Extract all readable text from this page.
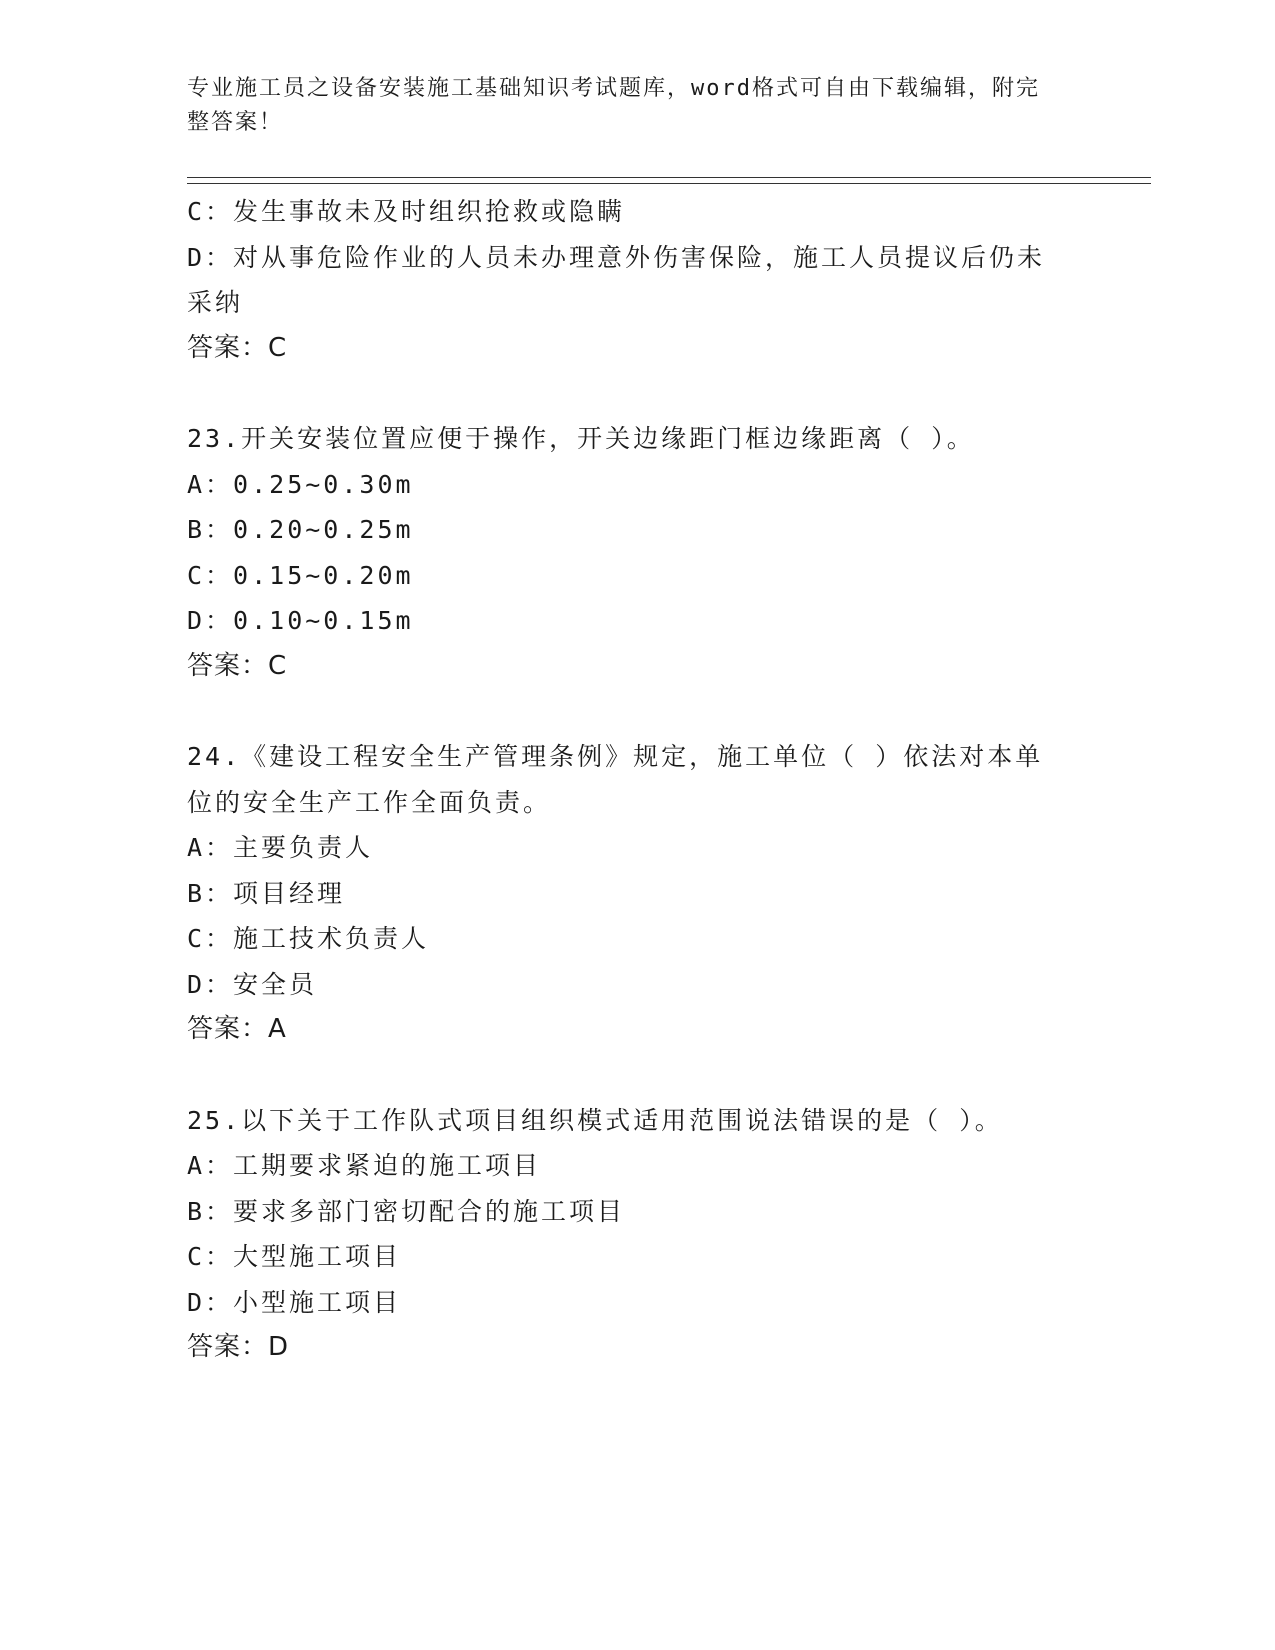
专业施工员之设备安装施工基础知识考试题库，word格式可自由下载编辑，附完
整答案！

C：发生事故未及时组织抢救或隐瞒

D：对从事危险作业的人员未办理意外伤害保险，施工人员提议后仍未

采纳

答案：C

23.开关安装位置应便于操作，开关边缘距门框边缘距离（ ）。

A：0.25~0.30m

B：0.20~0.25m

C：0.15~0.20m

D：0.10~0.15m

答案：C

24.《建设工程安全生产管理条例》规定，施工单位（ ）依法对本单

位的安全生产工作全面负责。

A：主要负责人

B：项目经理

C：施工技术负责人

D：安全员

答案：A

25.以下关于工作队式项目组织模式适用范围说法错误的是（ ）。

A：工期要求紧迫的施工项目

B：要求多部门密切配合的施工项目

C：大型施工项目

D：小型施工项目

答案：D
